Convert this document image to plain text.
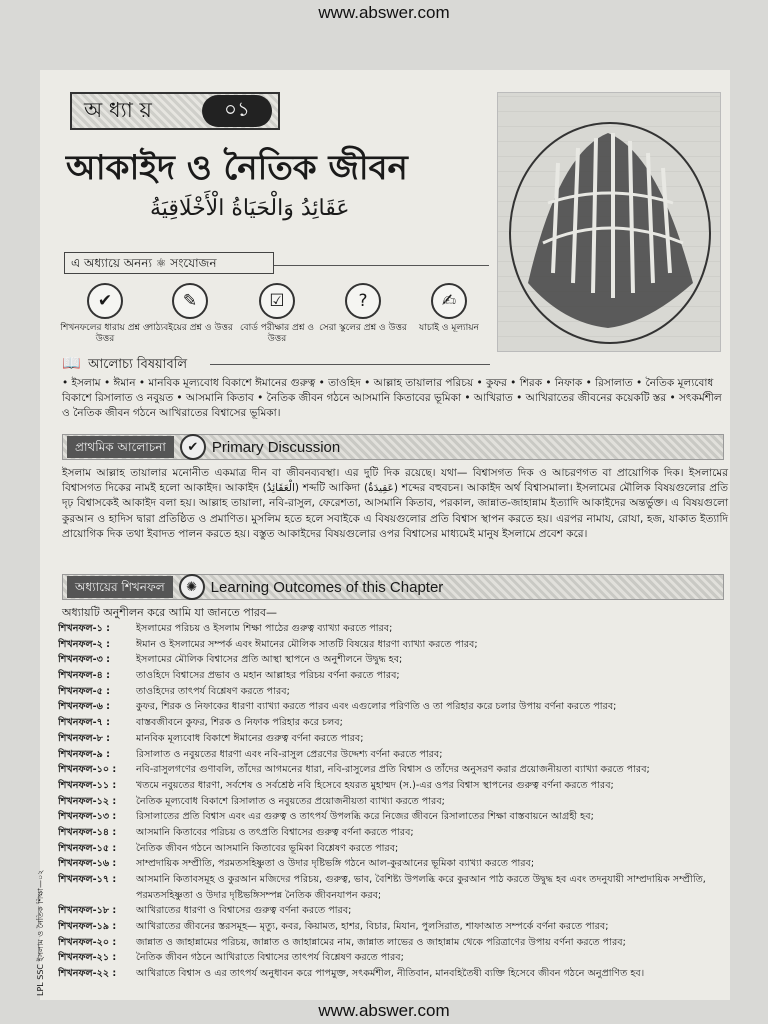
www.abswer.com
অ ধ্যা য়	০১
আকাইদ ও নৈতিক জীবন
عَقَائِدُ وَالْحَيَاةُ الْأَخْلَاقِيَةُ
এ অধ্যায়ে অনন্য ⚛ সংযোজন
✔
শিখনফলের ধারায় প্রশ্ন ও উত্তর
✎
পাঠ্যবইয়ের প্রশ্ন ও উত্তর
☑
বোর্ড পরীক্ষার প্রশ্ন ও উত্তর
?
সেরা স্কুলের প্রশ্ন ও উত্তর
✍
যাচাই ও মূল্যায়ন
📖 আলোচ্য বিষয়াবলি
• ইসলাম • ঈমান • মানবিক মূল্যবোধ বিকাশে ঈমানের গুরুত্ব • তাওহিদ • আল্লাহ তায়ালার পরিচয় • কুফর • শিরক • নিফাক • রিসালাত • নৈতিক মূল্যবোধ বিকাশে রিসালাত ও নবুয়ত • আসমানি কিতাব • নৈতিক জীবন গঠনে আসমানি কিতাবের ভূমিকা • আখিরাত • আখিরাতের জীবনের কয়েকটি স্তর • সৎকর্মশীল ও নৈতিক জীবন গঠনে আখিরাতের বিশ্বাসের ভূমিকা।
প্রাথমিক আলোচনা	✔ Primary Discussion
ইসলাম আল্লাহ তায়ালার মনোনীত একমাত্র দীন বা জীবনব্যবস্থা। এর দুটি দিক রয়েছে। যথা— বিশ্বাসগত দিক ও আচরণগত বা প্রায়োগিক দিক। ইসলামের বিশ্বাসগত দিকের নামই হলো আকাইদ। আকাইদ (الْعَقَائِدُ) শব্দটি আকিদা (عَقِيدَةٌ) শব্দের বহুবচন। আকাইদ অর্থ বিশ্বাসমালা। ইসলামের মৌলিক বিষয়গুলোর প্রতি দৃঢ় বিশ্বাসকেই আকাইদ বলা হয়। আল্লাহ তায়ালা, নবি-রাসুল, ফেরেশতা, আসমানি কিতাব, পরকাল, জান্নাত-জাহান্নাম ইত্যাদি আকাইদের অন্তর্ভুক্ত। এ বিষয়গুলো কুরআন ও হাদিস দ্বারা প্রতিষ্ঠিত ও প্রমাণিত। মুসলিম হতে হলে সবাইকে এ বিষয়গুলোর প্রতি বিশ্বাস স্থাপন করতে হয়। এরপর নামায, রোযা, হজ, যাকাত ইত্যাদি প্রায়োগিক দিক তথা ইবাদত পালন করতে হয়। বস্তুত আকাইদের বিষয়গুলোর ওপর বিশ্বাসের মাধ্যমেই মানুষ ইসলামে প্রবেশ করে।
অধ্যায়ের শিখনফল	✺ Learning Outcomes of this Chapter
অধ্যায়টি অনুশীলন করে আমি যা জানতে পারব—
শিখনফল-১ :	ইসলামের পরিচয় ও ইসলাম শিক্ষা পাঠের গুরুত্ব ব্যাখ্যা করতে পারব;
শিখনফল-২ :	ঈমান ও ইসলামের সম্পর্ক এবং ঈমানের মৌলিক সাতটি বিষয়ের ধারণা ব্যাখ্যা করতে পারব;
শিখনফল-৩ :	ইসলামের মৌলিক বিশ্বাসের প্রতি আস্থা স্থাপনে ও অনুশীলনে উদ্বুদ্ধ হব;
শিখনফল-৪ :	তাওহিদে বিশ্বাসের প্রভাব ও মহান আল্লাহর পরিচয় বর্ণনা করতে পারব;
শিখনফল-৫ :	তাওহিদের তাৎপর্য বিশ্লেষণ করতে পারব;
শিখনফল-৬ :	কুফর, শিরক ও নিফাকের ধারণা ব্যাখ্যা করতে পারব এবং এগুলোর পরিণতি ও তা পরিহার করে চলার উপায় বর্ণনা করতে পারব;
শিখনফল-৭ :	বাস্তবজীবনে কুফর, শিরক ও নিফাক পরিহার করে চলব;
শিখনফল-৮ :	মানবিক মূল্যবোধ বিকাশে ঈমানের গুরুত্ব বর্ণনা করতে পারব;
শিখনফল-৯ :	রিসালাত ও নবুয়তের ধারণা এবং নবি-রাসুল প্রেরণের উদ্দেশ্য বর্ণনা করতে পারব;
শিখনফল-১০ :	নবি-রাসুলগণের গুণাবলি, তাঁদের আগমনের ধারা, নবি-রাসুলের প্রতি বিশ্বাস ও তাঁদের অনুসরণ করার প্রয়োজনীয়তা ব্যাখ্যা করতে পারব;
শিখনফল-১১ :	খতমে নবুয়তের ধারণা, সর্বশেষ ও সর্বশ্রেষ্ঠ নবি হিসেবে হযরত মুহাম্মদ (স.)-এর ওপর বিশ্বাস স্থাপনের গুরুত্ব বর্ণনা করতে পারব;
শিখনফল-১২ :	নৈতিক মূল্যবোধ বিকাশে রিসালাত ও নবুয়তের প্রয়োজনীয়তা ব্যাখ্যা করতে পারব;
শিখনফল-১৩ :	রিসালাতের প্রতি বিশ্বাস এবং এর গুরুত্ব ও তাৎপর্য উপলব্ধি করে নিজের জীবনে রিসালাতের শিক্ষা বাস্তবায়নে আগ্রহী হব;
শিখনফল-১৪ :	আসমানি কিতাবের পরিচয় ও তৎপ্রতি বিশ্বাসের গুরুত্ব বর্ণনা করতে পারব;
শিখনফল-১৫ :	নৈতিক জীবন গঠনে আসমানি কিতাবের ভূমিকা বিশ্লেষণ করতে পারব;
শিখনফল-১৬ :	সাম্প্রদায়িক সম্প্রীতি, পরমতসহিষ্ণুতা ও উদার দৃষ্টিভঙ্গি গঠনে আল-কুরআনের ভূমিকা ব্যাখ্যা করতে পারব;
শিখনফল-১৭ :	আসমানি কিতাবসমূহ ও কুরআন মজিদের পরিচয়, গুরুত্ব, ভাব, বৈশিষ্ট্য উপলব্ধি করে কুরআন পাঠ করতে উদ্বুদ্ধ হব এবং তদনুযায়ী সাম্প্রদায়িক সম্প্রীতি, পরমতসহিষ্ণুতা ও উদার দৃষ্টিভঙ্গিসম্পন্ন নৈতিক জীবনযাপন করব;
শিখনফল-১৮ :	আখিরাতের ধারণা ও বিশ্বাসের গুরুত্ব বর্ণনা করতে পারব;
শিখনফল-১৯ :	আখিরাতের জীবনের স্তরসমূহ— মৃত্যু, কবর, কিয়ামত, হাশর, বিচার, মিযান, পুলসিরাত, শাফাআত সম্পর্কে বর্ণনা করতে পারব;
শিখনফল-২০ :	জান্নাত ও জাহান্নামের পরিচয়, জান্নাত ও জাহান্নামের নাম, জান্নাত লাভের ও জাহান্নাম থেকে পরিত্রাণের উপায় বর্ণনা করতে পারব;
শিখনফল-২১ :	নৈতিক জীবন গঠনে আখিরাতে বিশ্বাসের তাৎপর্য বিশ্লেষণ করতে পারব;
শিখনফল-২২ :	আখিরাতে বিশ্বাস ও এর তাৎপর্য অনুধাবন করে পাপমুক্ত, সৎকর্মশীল, নীতিবান, মানবহিতৈষী ব্যক্তি হিসেবে জীবন গঠনে অনুপ্রাণিত হব।
LPL SSC ইসলাম ও নৈতিক শিক্ষা—০২
www.abswer.com
